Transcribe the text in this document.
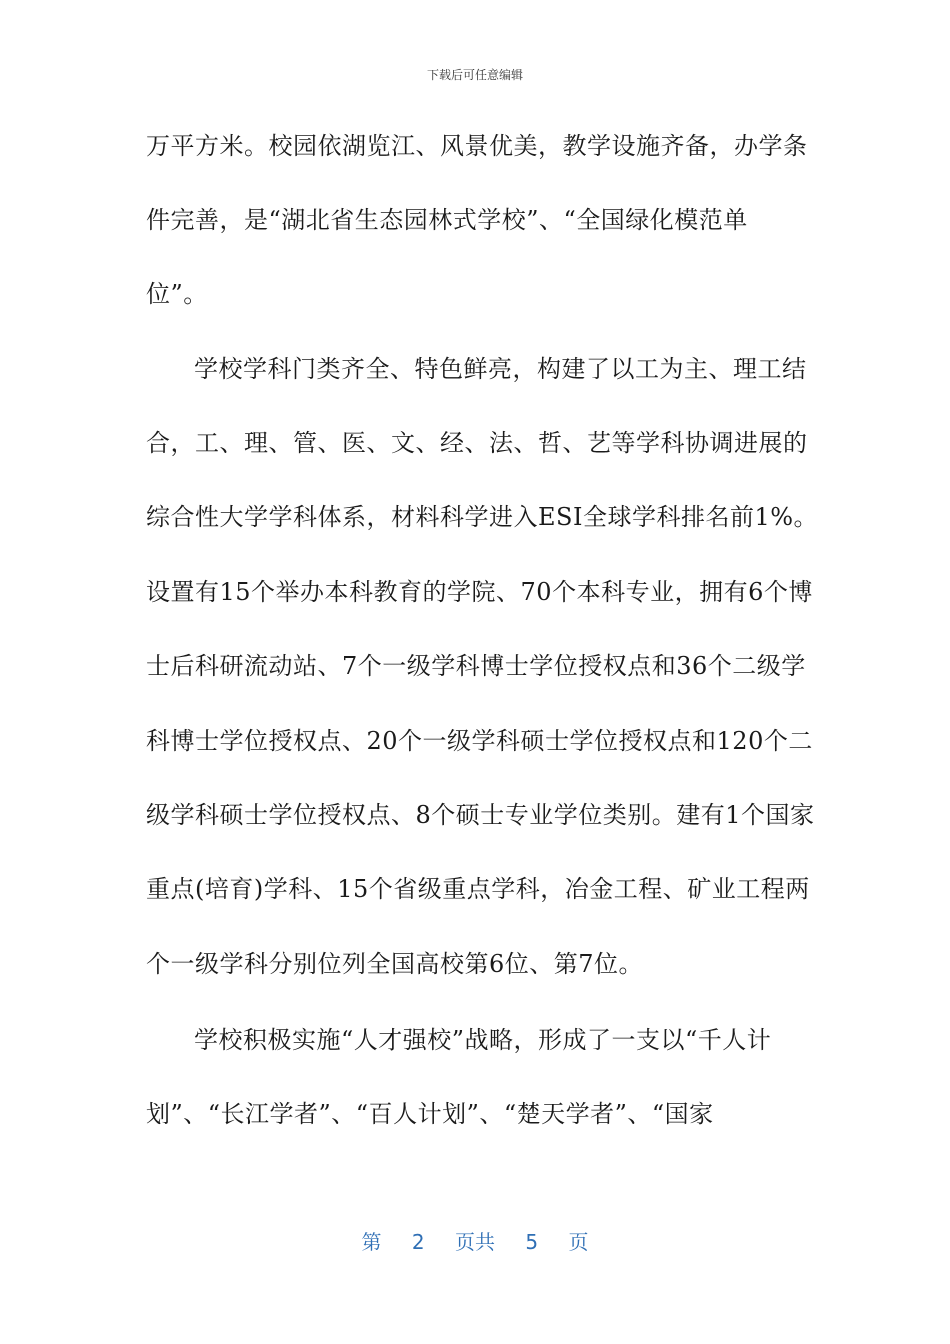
下载后可任意编辑
万平方米。校园依湖览江、风景优美，教学设施齐备，办学条
件完善，是“湖北省生态园林式学校”、“全国绿化模范单
位”。
学校学科门类齐全、特色鲜亮，构建了以工为主、理工结
合，工、理、管、医、文、经、法、哲、艺等学科协调进展的
综合性大学学科体系，材料科学进入ESI全球学科排名前1%。
设置有15个举办本科教育的学院、70个本科专业，拥有6个博
士后科研流动站、7个一级学科博士学位授权点和36个二级学
科博士学位授权点、20个一级学科硕士学位授权点和120个二
级学科硕士学位授权点、8个硕士专业学位类别。建有1个国家
重点(培育)学科、15个省级重点学科，冶金工程、矿业工程两
个一级学科分别位列全国高校第6位、第7位。
学校积极实施“人才强校”战略，形成了一支以“千人计
划”、“长江学者”、“百人计划”、“楚天学者”、“国家
第 2 页共 5 页
